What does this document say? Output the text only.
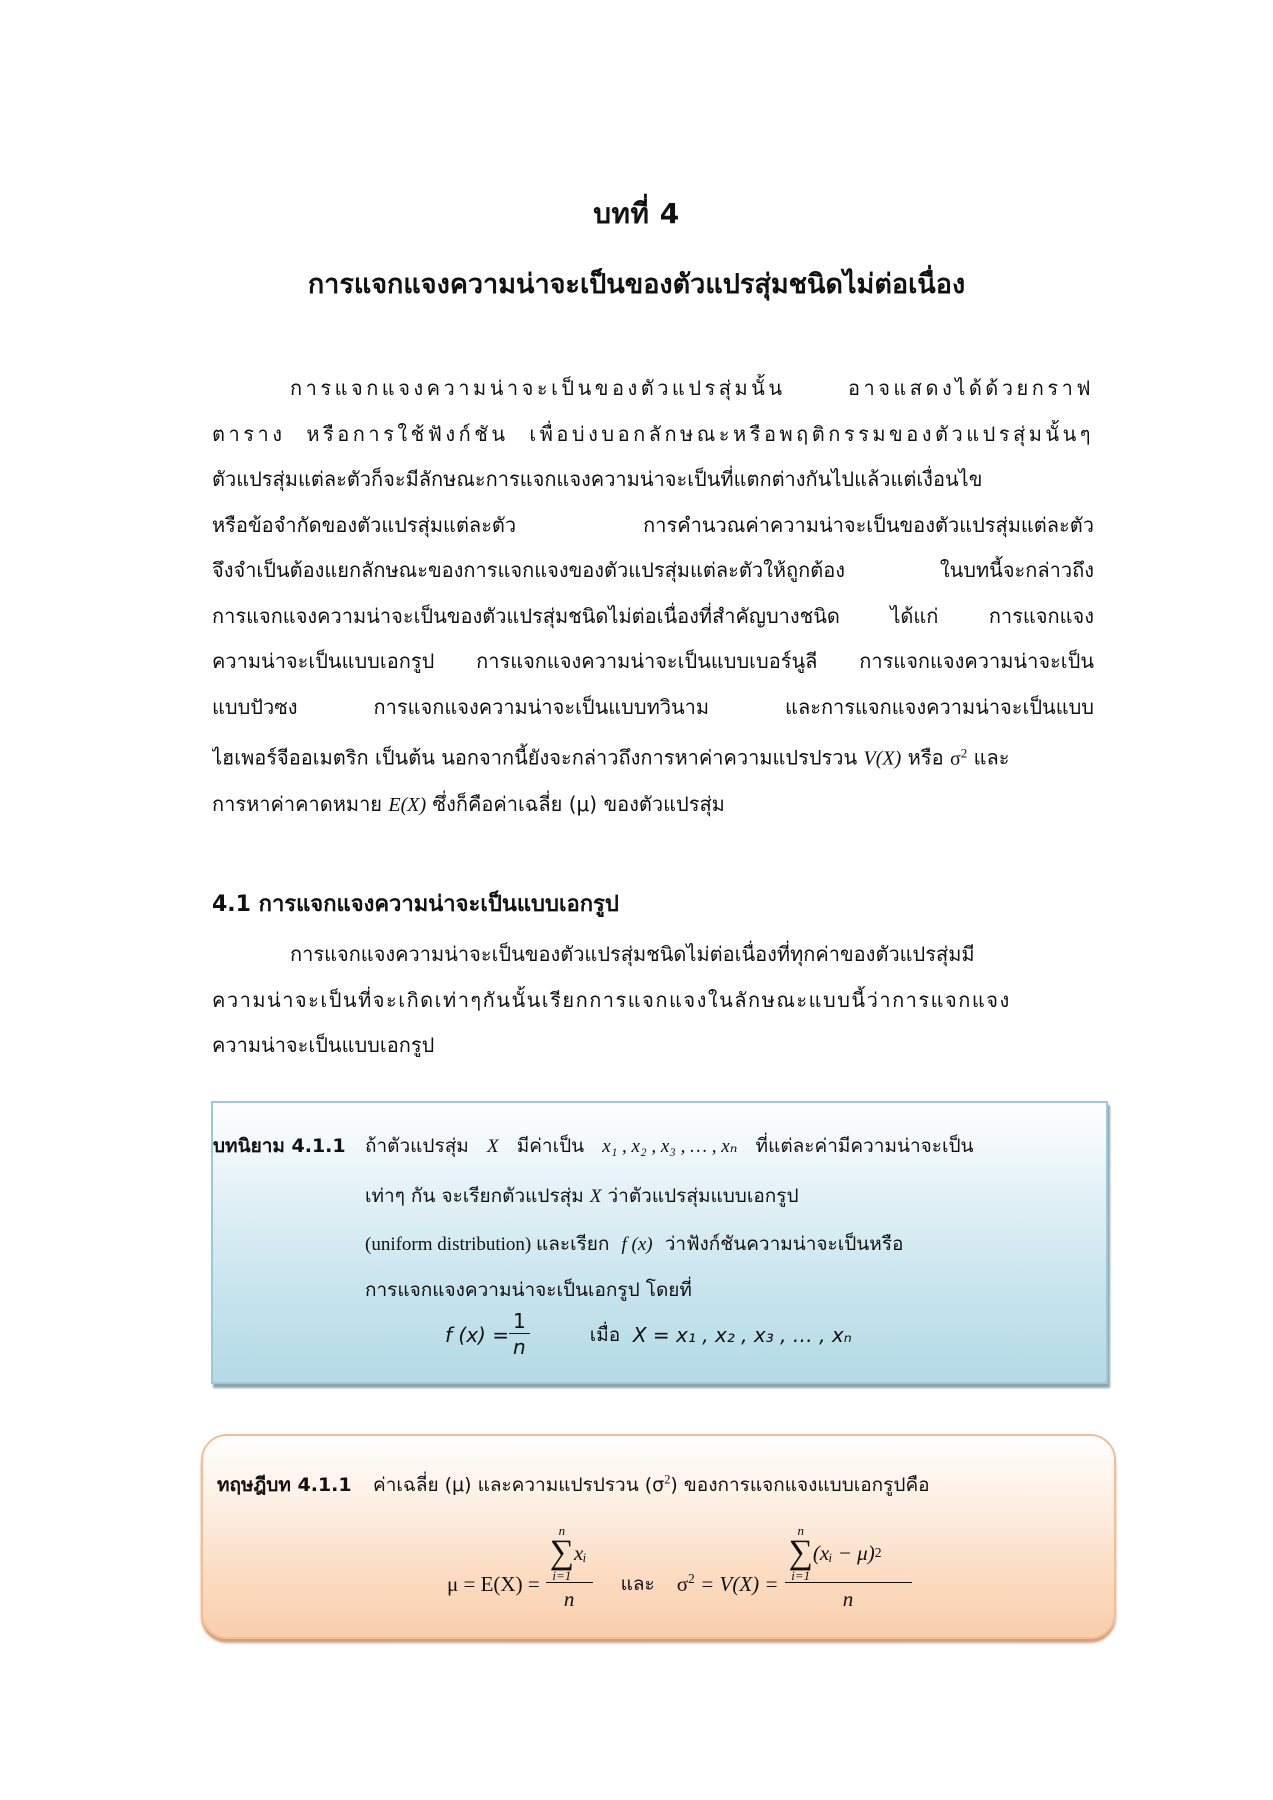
บทที่ 4
การแจกแจงความน่าจะเป็นของตัวแปรสุ่มชนิดไม่ต่อเนื่อง
การแจกแจงความน่าจะเป็นของตัวแปรสุ่มนั้น อาจแสดงได้ด้วยกราฟ
ตาราง หรือการใช้ฟังก์ชัน เพื่อบ่งบอกลักษณะหรือพฤติกรรมของตัวแปรสุ่มนั้นๆ
ตัวแปรสุ่มแต่ละตัวก็จะมีลักษณะการแจกแจงความน่าจะเป็นที่แตกต่างกันไปแล้วแต่เงื่อนไข
หรือข้อจำกัดของตัวแปรสุ่มแต่ละตัว การคำนวณค่าความน่าจะเป็นของตัวแปรสุ่มแต่ละตัว
จึงจำเป็นต้องแยกลักษณะของการแจกแจงของตัวแปรสุ่มแต่ละตัวให้ถูกต้อง ในบทนี้จะกล่าวถึง
การแจกแจงความน่าจะเป็นของตัวแปรสุ่มชนิดไม่ต่อเนื่องที่สำคัญบางชนิด ได้แก่ การแจกแจง
ความน่าจะเป็นแบบเอกรูป การแจกแจงความน่าจะเป็นแบบเบอร์นูลี การแจกแจงความน่าจะเป็น
แบบปัวซง การแจกแจงความน่าจะเป็นแบบทวินาม และการแจกแจงความน่าจะเป็นแบบ
ไฮเพอร์จีออเมตริก เป็นต้น นอกจากนี้ยังจะกล่าวถึงการหาค่าความแปรปรวน V(X) หรือ $\sigma^2$ และ
การหาค่าคาดหมาย E(X) ซึ่งก็คือค่าเฉลี่ย (μ) ของตัวแปรสุ่ม
4.1 การแจกแจงความน่าจะเป็นแบบเอกรูป
การแจกแจงความน่าจะเป็นของตัวแปรสุ่มชนิดไม่ต่อเนื่องที่ทุกค่าของตัวแปรสุ่มมี
ความน่าจะเป็นที่จะเกิดเท่าๆกันนั้นเรียกการแจกแจงในลักษณะแบบนี้ว่าการแจกแจง
ความน่าจะเป็นแบบเอกรูป
บทนิยาม 4.1.1 ถ้าตัวแปรสุ่ม X มีค่าเป็น x₁ , x₂ , x₃ , … , xₙ ที่แต่ละค่ามีความน่าจะเป็น
เท่าๆ กัน จะเรียกตัวแปรสุ่ม X ว่าตัวแปรสุ่มแบบเอกรูป
(uniform distribution) และเรียก f (x) ว่าฟังก์ชันความน่าจะเป็นหรือ
การแจกแจงความน่าจะเป็นเอกรูป โดยที่
f $(x) = \frac{1}{n}$	เมื่อ
X = x₁ , x₂ , x₃ , … , xₙ
ทฤษฎีบท 4.1.1 ค่าเฉลี่ย (μ) และความแปรปรวน $(\sigma^2)$ ของการแจกแจงแบบเอกรูปคือ
μ = E(X) = n
∑
i=1
xᵢ
n และ $\sigma^2 = V(X)$ =
n
∑
i=1
(xᵢ − μ) 2
n
